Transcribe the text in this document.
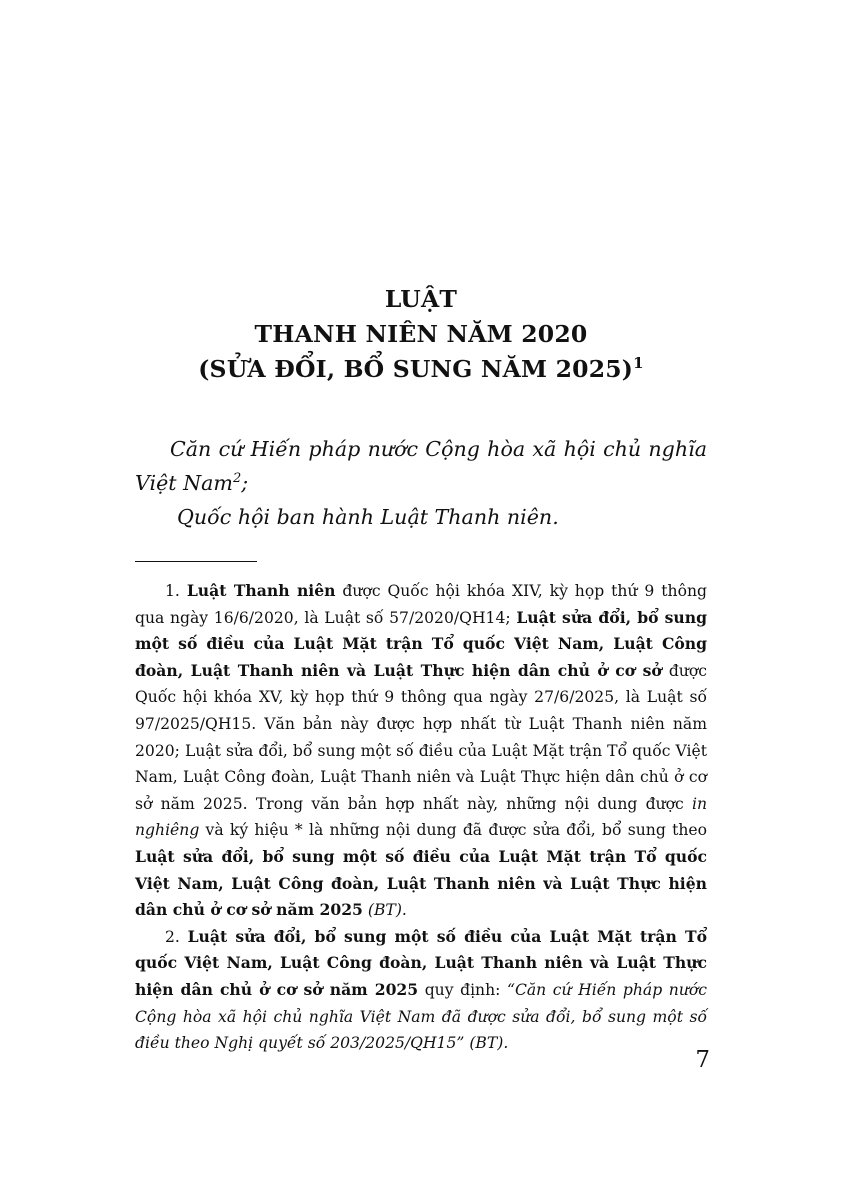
LUẬT

THANH NIÊN NĂM 2020

(SỬA ĐỔI, BỔ SUNG NĂM 2025)$^1$

Căn cứ Hiến pháp nước Cộng hòa xã hội chủ nghĩa Việt Nam$^2$;

Quốc hội ban hành Luật Thanh niên.

1. Luật Thanh niên được Quốc hội khóa XIV, kỳ họp thứ 9 thông qua ngày 16/6/2020, là Luật số 57/2020/QH14; Luật sửa đổi, bổ sung một số điều của Luật Mặt trận Tổ quốc Việt Nam, Luật Công đoàn, Luật Thanh niên và Luật Thực hiện dân chủ ở cơ sở được Quốc hội khóa XV, kỳ họp thứ 9 thông qua ngày 27/6/2025, là Luật số 97/2025/QH15. Văn bản này được hợp nhất từ Luật Thanh niên năm 2020; Luật sửa đổi, bổ sung một số điều của Luật Mặt trận Tổ quốc Việt Nam, Luật Công đoàn, Luật Thanh niên và Luật Thực hiện dân chủ ở cơ sở năm 2025. Trong văn bản hợp nhất này, những nội dung được in nghiêng và ký hiệu * là những nội dung đã được sửa đổi, bổ sung theo Luật sửa đổi, bổ sung một số điều của Luật Mặt trận Tổ quốc Việt Nam, Luật Công đoàn, Luật Thanh niên và Luật Thực hiện dân chủ ở cơ sở năm 2025 (BT).

2. Luật sửa đổi, bổ sung một số điều của Luật Mặt trận Tổ quốc Việt Nam, Luật Công đoàn, Luật Thanh niên và Luật Thực hiện dân chủ ở cơ sở năm 2025 quy định: “Căn cứ Hiến pháp nước Cộng hòa xã hội chủ nghĩa Việt Nam đã được sửa đổi, bổ sung một số điều theo Nghị quyết số 203/2025/QH15” (BT).

7
